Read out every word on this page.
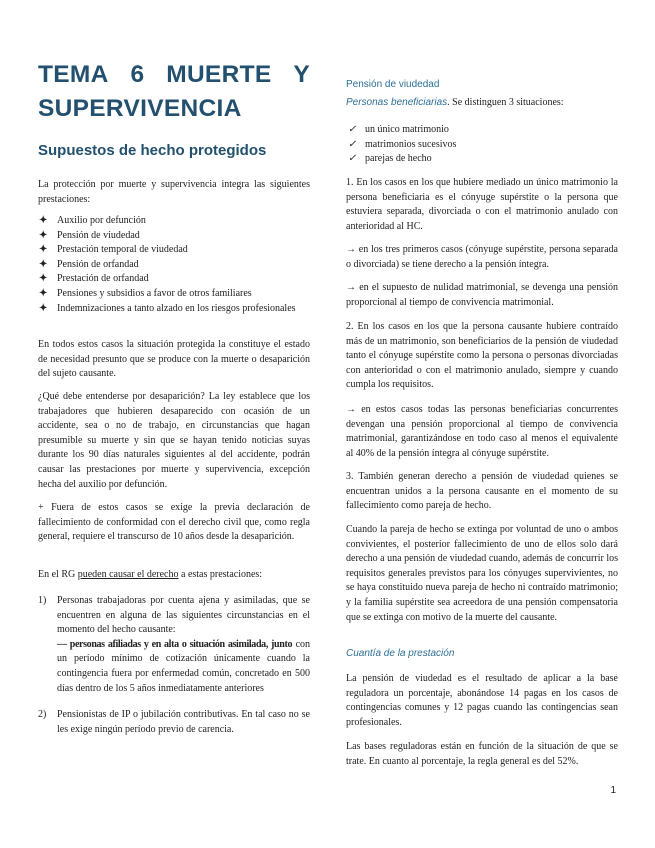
TEMA 6 MUERTE Y
SUPERVIVENCIA
Supuestos de hecho protegidos

La protección por muerte y supervivencia integra las siguientes prestaciones:

✦ Auxilio por defunción
✦ Pensión de viudedad
✦ Prestación temporal de viudedad
✦ Pensión de orfandad
✦ Prestación de orfandad
✦ Pensiones y subsidios a favor de otros familiares
✦ Indemnizaciones a tanto alzado en los riesgos profesionales

En todos estos casos la situación protegida la constituye el estado de necesidad presunto que se produce con la muerte o desaparición del sujeto causante.

¿Qué debe entenderse por desaparición? La ley establece que los trabajadores que hubieren desaparecido con ocasión de un accidente, sea o no de trabajo, en circunstancias que hagan presumible su muerte y sin que se hayan tenido noticias suyas durante los 90 días naturales siguientes al del accidente, podrán causar las prestaciones por muerte y supervivencia, excepción hecha del auxilio por defunción.

+ Fuera de estos casos se exige la previa declaración de fallecimiento de conformidad con el derecho civil que, como regla general, requiere el transcurso de 10 años desde la desaparición.

En el RG pueden causar el derecho a estas prestaciones:

1) Personas trabajadoras por cuenta ajena y asimiladas, que se encuentren en alguna de las siguientes circunstancias en el momento del hecho causante:
— personas afiliadas y en alta o situación asimilada, junto con un período mínimo de cotización únicamente cuando la contingencia fuera por enfermedad común, concretado en 500 días dentro de los 5 años inmediatamente anteriores
2) Pensionistas de IP o jubilación contributivas. En tal caso no se les exige ningún período previo de carencia.
Pensión de viudedad

Personas beneficiarias. Se distinguen 3 situaciones:

✓ un único matrimonio
✓ matrimonios sucesivos
✓ parejas de hecho

1. En los casos en los que hubiere mediado un único matrimonio la persona beneficiaria es el cónyuge supérstite o la persona que estuviera separada, divorciada o con el matrimonio anulado con anterioridad al HC.

→ en los tres primeros casos (cónyuge supérstite, persona separada o divorciada) se tiene derecho a la pensión íntegra.

→ en el supuesto de nulidad matrimonial, se devenga una pensión proporcional al tiempo de convivencia matrimonial.

2. En los casos en los que la persona causante hubiere contraído más de un matrimonio, son beneficiarios de la pensión de viudedad tanto el cónyuge supérstite como la persona o personas divorciadas con anterioridad o con el matrimonio anulado, siempre y cuando cumpla los requisitos.

→ en estos casos todas las personas beneficiarias concurrentes devengan una pensión proporcional al tiempo de convivencia matrimonial, garantizándose en todo caso al menos el equivalente al 40% de la pensión íntegra al cónyuge supérstite.

3. También generan derecho a pensión de viudedad quienes se encuentran unidos a la persona causante en el momento de su fallecimiento como pareja de hecho.

Cuando la pareja de hecho se extinga por voluntad de uno o ambos convivientes, el posterior fallecimiento de uno de ellos solo dará derecho a una pensión de viudedad cuando, además de concurrir los requisitos generales previstos para los cónyuges supervivientes, no se haya constituido nueva pareja de hecho ni contraído matrimonio; y la familia supérstite sea acreedora de una pensión compensatoria que se extinga con motivo de la muerte del causante.

Cuantía de la prestación

La pensión de viudedad es el resultado de aplicar a la base reguladora un porcentaje, abonándose 14 pagas en los casos de contingencias comunes y 12 pagas cuando las contingencias sean profesionales.

Las bases reguladoras están en función de la situación de que se trate. En cuanto al porcentaje, la regla general es del 52%.

1
